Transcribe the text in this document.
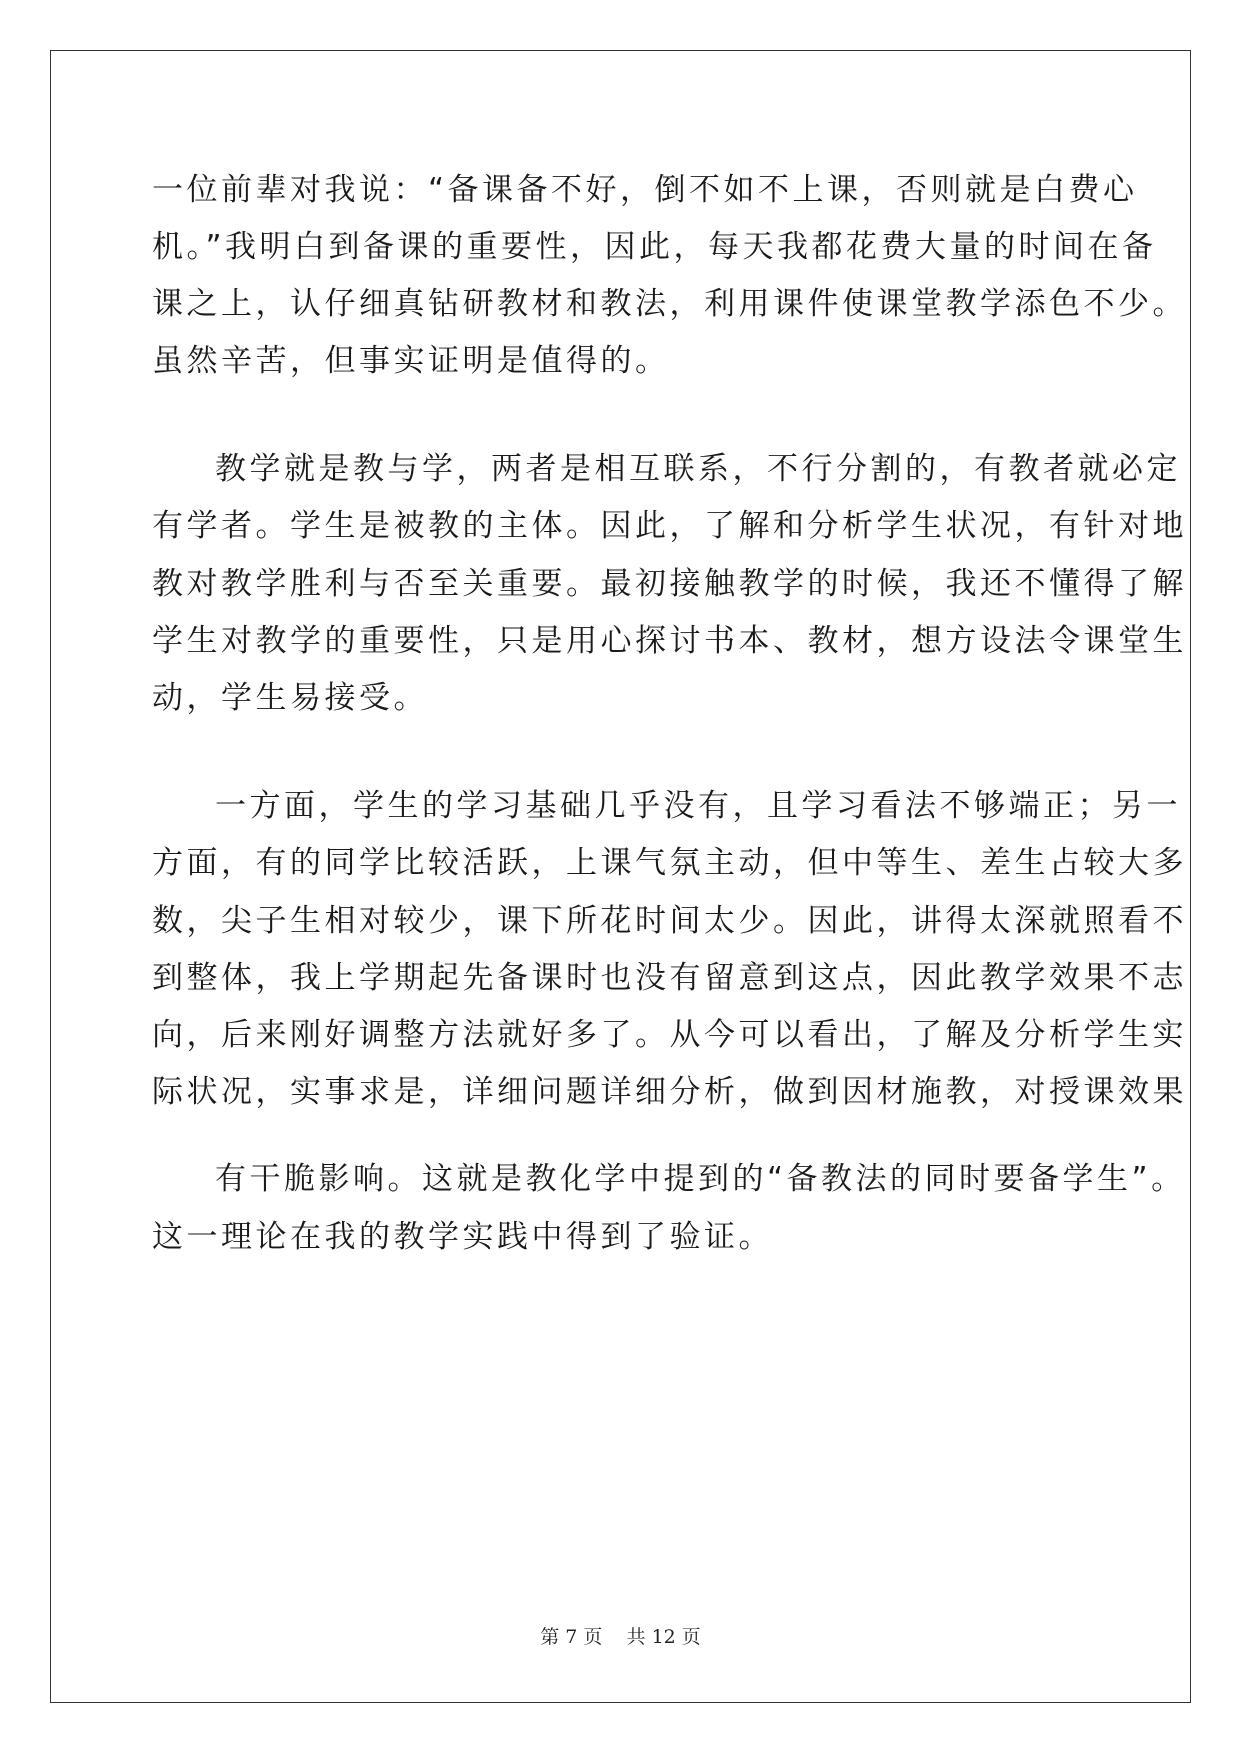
一位前辈对我说：“备课备不好，倒不如不上课，否则就是白费心
机。”我明白到备课的重要性，因此，每天我都花费大量的时间在备
课之上，认仔细真钻研教材和教法，利用课件使课堂教学添色不少。
虽然辛苦，但事实证明是值得的。
教学就是教与学，两者是相互联系，不行分割的，有教者就必定
有学者。学生是被教的主体。因此，了解和分析学生状况，有针对地
教对教学胜利与否至关重要。最初接触教学的时候，我还不懂得了解
学生对教学的重要性，只是用心探讨书本、教材，想方设法令课堂生
动，学生易接受。
一方面，学生的学习基础几乎没有，且学习看法不够端正；另一
方面，有的同学比较活跃，上课气氛主动，但中等生、差生占较大多
数，尖子生相对较少，课下所花时间太少。因此，讲得太深就照看不
到整体，我上学期起先备课时也没有留意到这点，因此教学效果不志
向，后来刚好调整方法就好多了。从今可以看出，了解及分析学生实
际状况，实事求是，详细问题详细分析，做到因材施教，对授课效果
有干脆影响。这就是教化学中提到的“备教法的同时要备学生”。
这一理论在我的教学实践中得到了验证。
第 7 页    共 12 页
